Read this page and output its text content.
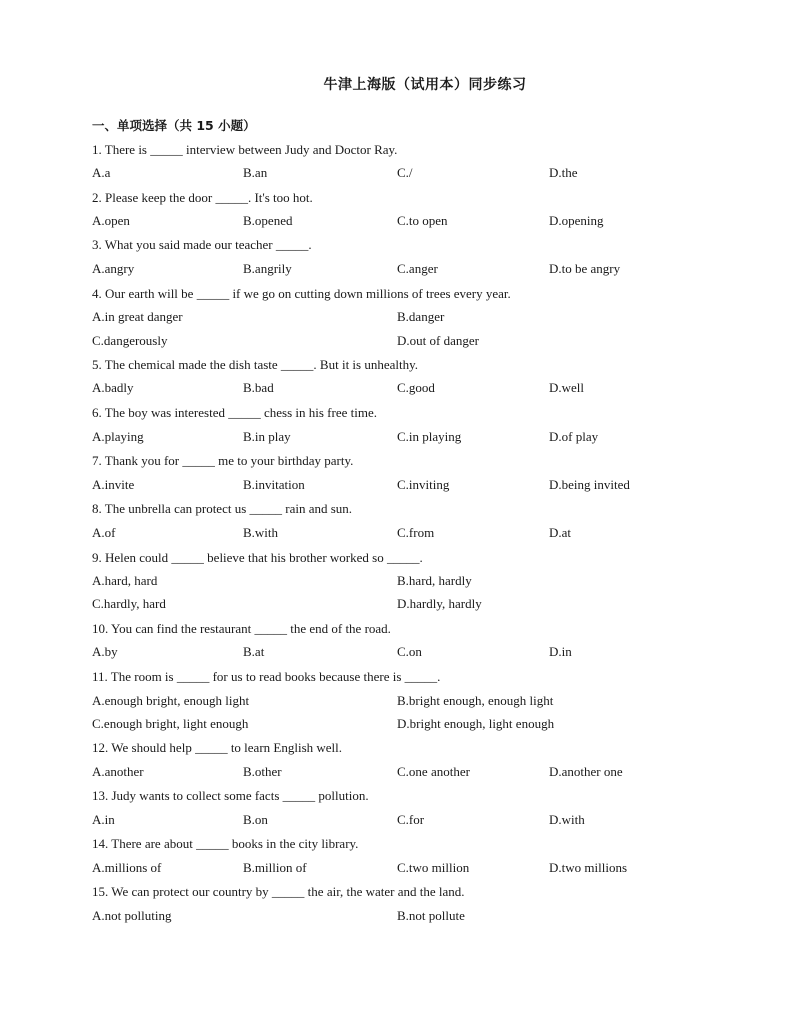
牛津上海版（试用本）同步练习
一、单项选择（共 15 小题）
1. There is _____ interview between Judy and Doctor Ray.
A.a	B.an	C./	D.the
2. Please keep the door _____. It's too hot.
A.open	B.opened	C.to open	D.opening
3. What you said made our teacher _____.
A.angry	B.angrily	C.anger	D.to be angry
4. Our earth will be _____ if we go on cutting down millions of trees every year.
A.in great danger	B.danger
C.dangerously	D.out of danger
5. The chemical made the dish taste _____. But it is unhealthy.
A.badly	B.bad	C.good	D.well
6. The boy was interested _____ chess in his free time.
A.playing	B.in play	C.in playing	D.of play
7. Thank you for _____ me to your birthday party.
A.invite	B.invitation	C.inviting	D.being invited
8. The unbrella can protect us _____ rain and sun.
A.of	B.with	C.from	D.at
9. Helen could _____ believe that his brother worked so _____.
A.hard, hard	B.hard, hardly
C.hardly, hard	D.hardly, hardly
10. You can find the restaurant _____ the end of the road.
A.by	B.at	C.on	D.in
11. The room is _____ for us to read books because there is _____.
A.enough bright, enough light	B.bright enough, enough light
C.enough bright, light enough	D.bright enough, light enough
12. We should help _____ to learn English well.
A.another	B.other	C.one another	D.another one
13. Judy wants to collect some facts _____ pollution.
A.in	B.on	C.for	D.with
14. There are about _____ books in the city library.
A.millions of	B.million of	C.two million	D.two millions
15. We can protect our country by _____ the air, the water and the land.
A.not polluting	B.not pollute
